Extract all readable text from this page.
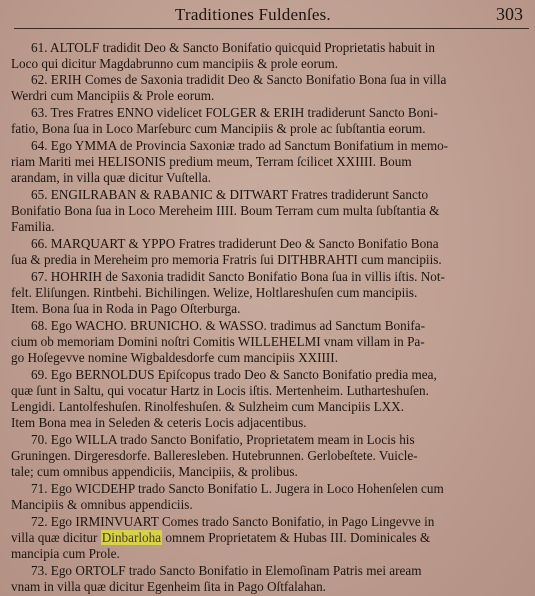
Traditiones Fuldenſes.	303
61. ALTOLF tradidit Deo & Sancto Bonifatio quicquid Proprietatis habuit in
Loco qui dicitur Magdabrunno cum mancipiis & prole eorum.
62. ERIH Comes de Saxonia tradidit Deo & Sancto Bonifatio Bona ſua in villa
Werdri cum Mancipiis & Prole eorum.
63. Tres Fratres ENNO videlicet FOLGER & ERIH tradiderunt Sancto Boni-
fatio, Bona ſua in Loco Marſeburc cum Mancipiis & prole ac ſubſtantia eorum.
64. Ego YMMA de Provincia Saxoniæ trado ad Sanctum Bonifatium in memo-
riam Mariti mei HELISONIS predium meum, Terram ſcilicet XXIIII. Boum
arandam, in villa quæ dicitur Vuſtella.
65. ENGILRABAN & RABANIC & DITWART Fratres tradiderunt Sancto
Bonifatio Bona ſua in Loco Mereheim IIII. Boum Terram cum multa ſubſtantia &
Familia.
66. MARQUART & YPPO Fratres tradiderunt Deo & Sancto Bonifatio Bona
ſua & predia in Mereheim pro memoria Fratris ſui DITHBRAHTI cum mancipiis.
67. HOHRIH de Saxonia tradidit Sancto Bonifatio Bona ſua in villis iſtis. Not-
felt. Eliſungen. Rintbehi. Bichilingen. Welize, Holtlareshuſen cum mancipiis.
Item. Bona ſua in Roda in Pago Oſterburga.
68. Ego WACHO. BRUNICHO. & WASSO. tradimus ad Sanctum Bonifa-
cium ob memoriam Domini noſtri Comitis WILLEHELMI vnam villam in Pa-
go Hoſegevve nomine Wigbaldesdorfe cum mancipiis XXIIII.
69. Ego BERNOLDUS Epiſcopus trado Deo & Sancto Bonifatio predia mea,
quæ ſunt in Saltu, qui vocatur Hartz in Locis iſtis. Mertenheim. Lutharteshuſen.
Lengidi. Lantolfeshuſen. Rinolfeshuſen. & Sulzheim cum Mancipiis LXX.
Item Bona mea in Seleden & ceteris Locis adjacentibus.
70. Ego WILLA trado Sancto Bonifatio, Proprietatem meam in Locis his
Gruningen. Dirgeresdorfe. Balleresleben. Hutebrunnen. Gerlobeſtete. Vuicle-
tale; cum omnibus appendiciis, Mancipiis, & prolibus.
71. Ego WICDEHP trado Sancto Bonifatio L. Jugera in Loco Hohenſelen cum
Mancipiis & omnibus appendiciis.
72. Ego IRMINVUART Comes trado Sancto Bonifatio, in Pago Lingevve in
villa quæ dicitur Dinbarloha omnem Proprietatem & Hubas III. Dominicales &
mancipia cum Prole.
73. Ego ORTOLF trado Sancto Bonifatio in Elemoſinam Patris mei aream
vnam in villa quæ dicitur Egenheim ſita in Pago Oſtfalahan.
